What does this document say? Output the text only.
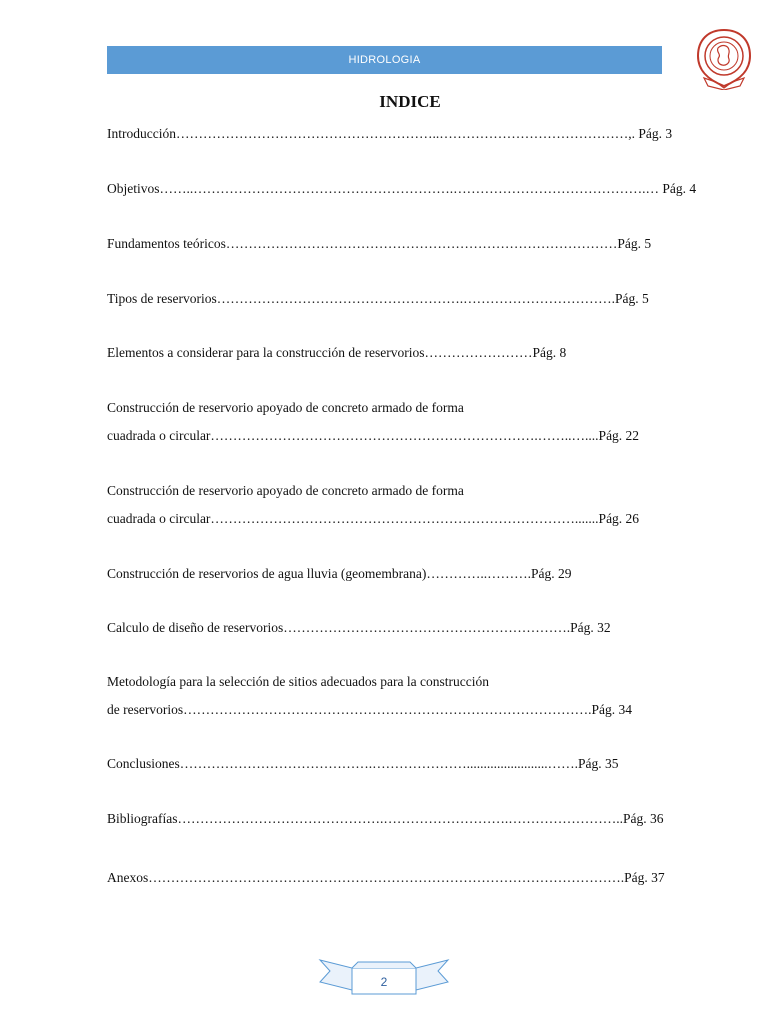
HIDROLOGIA
INDICE
Introducción…………………………………………………..……………………………………,. Pág. 3
Objetivos……..………………………………………………….…………………………………….… Pág. 4
Fundamentos teóricos……………………………………………………………………………Pág. 5
Tipos de reservorios……………………………………………….…………………………….Pág. 5
Elementos a considerar para la construcción de reservorios……………………Pág. 8
Construcción de reservorio apoyado de concreto armado de forma
cuadrada o circular……………………………………………………………….……..…....Pág. 22
Construcción de reservorio apoyado de concreto armado de forma
cuadrada o circular……………………………………………………………………….......Pág. 26
Construcción de reservorios de agua lluvia (geomembrana)…………..……….Pág. 29
Calculo de diseño de reservorios……………………………………………………….Pág. 32
Metodología para la selección de sitios adecuados para la construcción
de reservorios……………………………………………………………………………….Pág. 34
Conclusiones…………………………………….…………………........................…….Pág. 35
Bibliografías……………………………………….……………………….……………………..Pág. 36
Anexos…………………………………………………………………………………………….Pág. 37
2
